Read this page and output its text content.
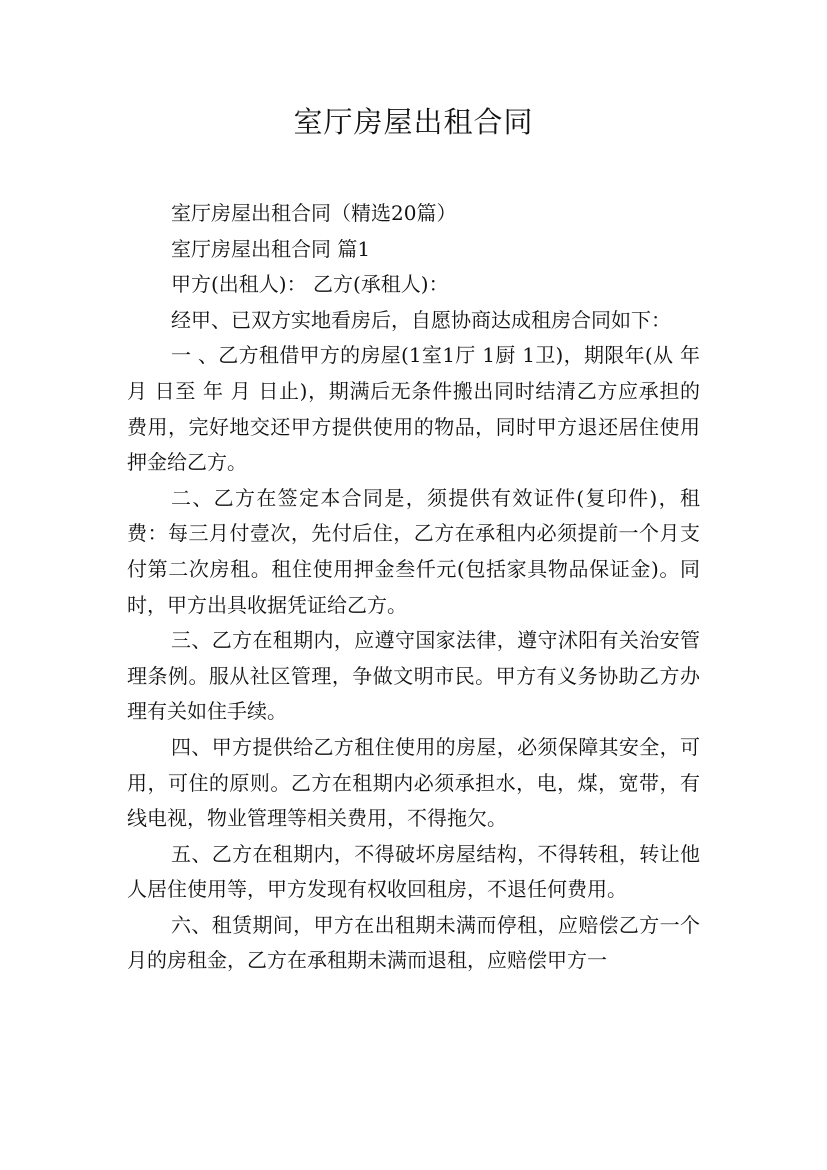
室厅房屋出租合同
室厅房屋出租合同（精选20篇）
室厅房屋出租合同 篇1
甲方(出租人)： 乙方(承租人)：
经甲、已双方实地看房后，自愿协商达成租房合同如下：
一 、乙方租借甲方的房屋(1室1厅 1厨 1卫)，期限年(从 年 月 日至 年 月 日止)，期满后无条件搬出同时结清乙方应承担的费用，完好地交还甲方提供使用的物品，同时甲方退还居住使用押金给乙方。
二、乙方在签定本合同是，须提供有效证件(复印件)，租费：每三月付壹次，先付后住，乙方在承租内必须提前一个月支付第二次房租。租住使用押金叁仟元(包括家具物品保证金)。同时，甲方出具收据凭证给乙方。
三、乙方在租期内，应遵守国家法律，遵守沭阳有关治安管理条例。服从社区管理，争做文明市民。甲方有义务协助乙方办理有关如住手续。
四、甲方提供给乙方租住使用的房屋，必须保障其安全，可用，可住的原则。乙方在租期内必须承担水，电，煤，宽带，有线电视，物业管理等相关费用，不得拖欠。
五、乙方在租期内，不得破坏房屋结构，不得转租，转让他人居住使用等，甲方发现有权收回租房，不退任何费用。
六、租赁期间，甲方在出租期未满而停租，应赔偿乙方一个月的房租金，乙方在承租期未满而退租，应赔偿甲方一
